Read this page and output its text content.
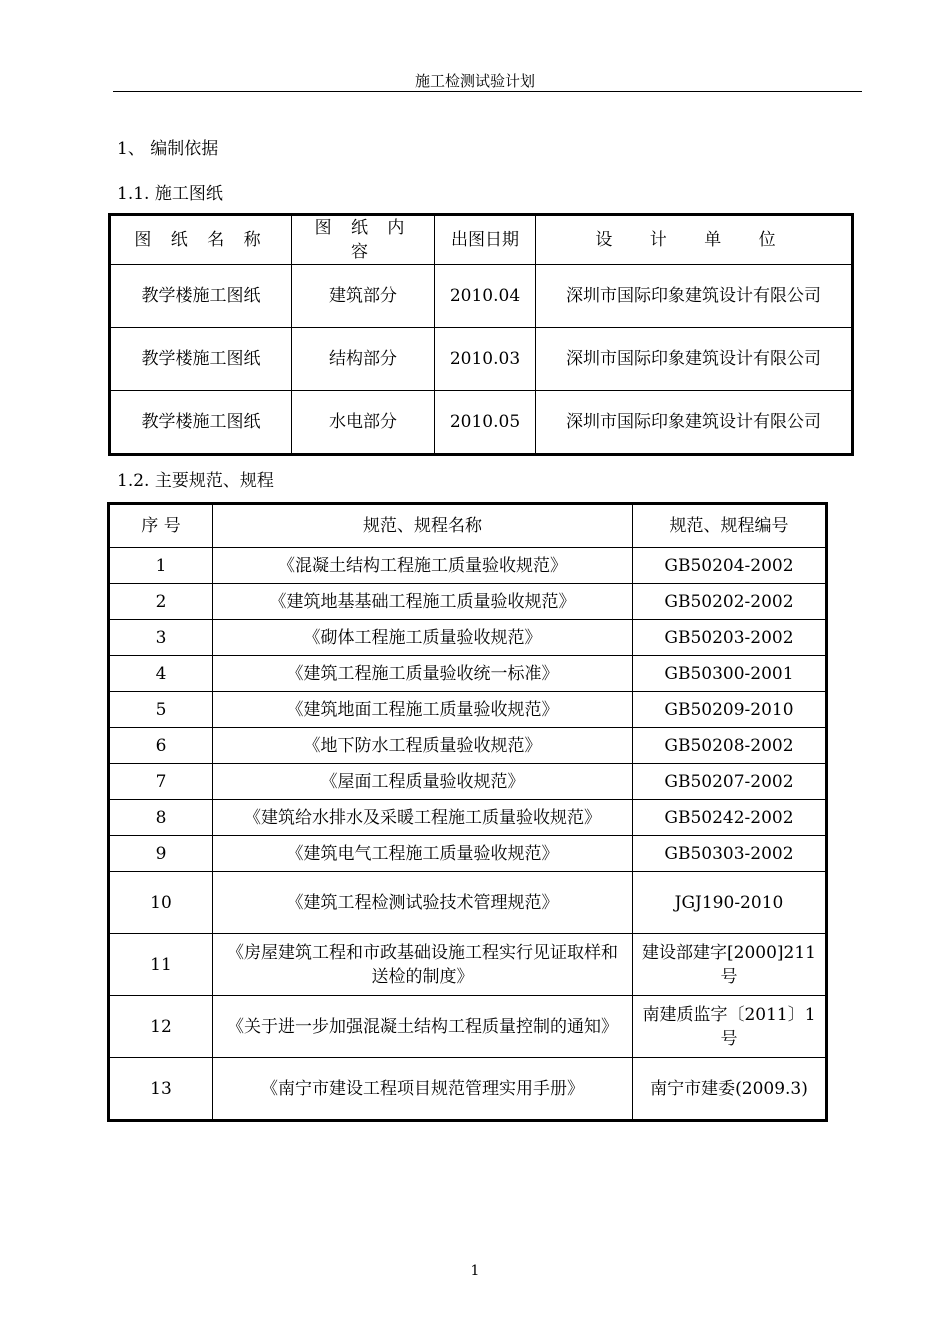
施工检测试验计划
1、 编制依据
1.1. 施工图纸
图 纸 名 称	图 纸 内 容	出图日期	设 计 单 位
教学楼施工图纸	建筑部分	2010.04	深圳市国际印象建筑设计有限公司
教学楼施工图纸	结构部分	2010.03	深圳市国际印象建筑设计有限公司
教学楼施工图纸	水电部分	2010.05	深圳市国际印象建筑设计有限公司
1.2. 主要规范、规程
序 号	规范、规程名称	规范、规程编号
1	《混凝土结构工程施工质量验收规范》	GB50204-2002
2	《建筑地基基础工程施工质量验收规范》	GB50202-2002
3	《砌体工程施工质量验收规范》	GB50203-2002
4	《建筑工程施工质量验收统一标准》	GB50300-2001
5	《建筑地面工程施工质量验收规范》	GB50209-2010
6	《地下防水工程质量验收规范》	GB50208-2002
7	《屋面工程质量验收规范》	GB50207-2002
8	《建筑给水排水及采暖工程施工质量验收规范》	GB50242-2002
9	《建筑电气工程施工质量验收规范》	GB50303-2002
10	《建筑工程检测试验技术管理规范》	JGJ190-2010
11	《房屋建筑工程和市政基础设施工程实行见证取样和送检的制度》	建设部建字[2000]211 号
12	《关于进一步加强混凝土结构工程质量控制的通知》	南建质监字〔2011〕1 号
13	《南宁市建设工程项目规范管理实用手册》	南宁市建委(2009.3)
1
